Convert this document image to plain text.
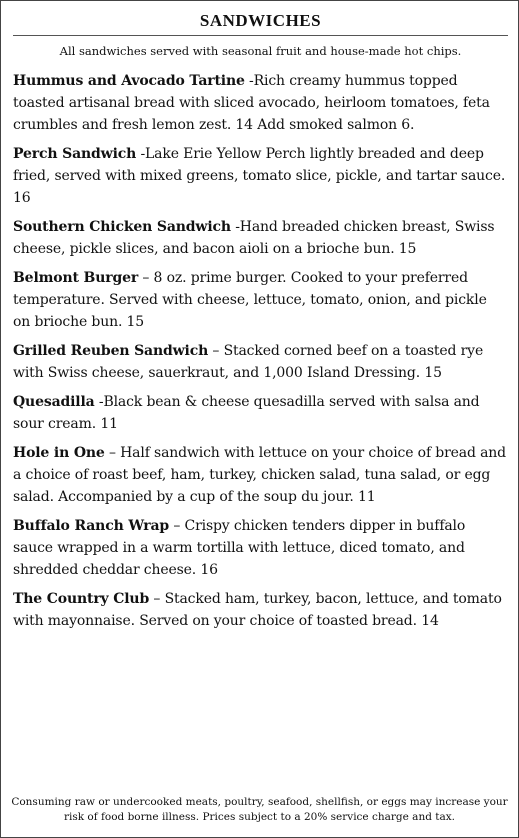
SANDWICHES
All sandwiches served with seasonal fruit and house-made hot chips.

Hummus and Avocado Tartine -Rich creamy hummus topped toasted artisanal bread with sliced avocado, heirloom tomatoes, feta crumbles and fresh lemon zest. 14 Add smoked salmon 6.

Perch Sandwich -Lake Erie Yellow Perch lightly breaded and deep fried, served with mixed greens, tomato slice, pickle, and tartar sauce. 16

Southern Chicken Sandwich -Hand breaded chicken breast, Swiss cheese, pickle slices, and bacon aioli on a brioche bun. 15

Belmont Burger – 8 oz. prime burger. Cooked to your preferred temperature. Served with cheese, lettuce, tomato, onion, and pickle on brioche bun. 15

Grilled Reuben Sandwich – Stacked corned beef on a toasted rye with Swiss cheese, sauerkraut, and 1,000 Island Dressing. 15

Quesadilla -Black bean & cheese quesadilla served with salsa and sour cream. 11

Hole in One – Half sandwich with lettuce on your choice of bread and a choice of roast beef, ham, turkey, chicken salad, tuna salad, or egg salad. Accompanied by a cup of the soup du jour. 11

Buffalo Ranch Wrap – Crispy chicken tenders dipper in buffalo sauce wrapped in a warm tortilla with lettuce, diced tomato, and shredded cheddar cheese. 16

The Country Club – Stacked ham, turkey, bacon, lettuce, and tomato with mayonnaise. Served on your choice of toasted bread. 14

Consuming raw or undercooked meats, poultry, seafood, shellfish, or eggs may increase your risk of food borne illness. Prices subject to a 20% service charge and tax.
